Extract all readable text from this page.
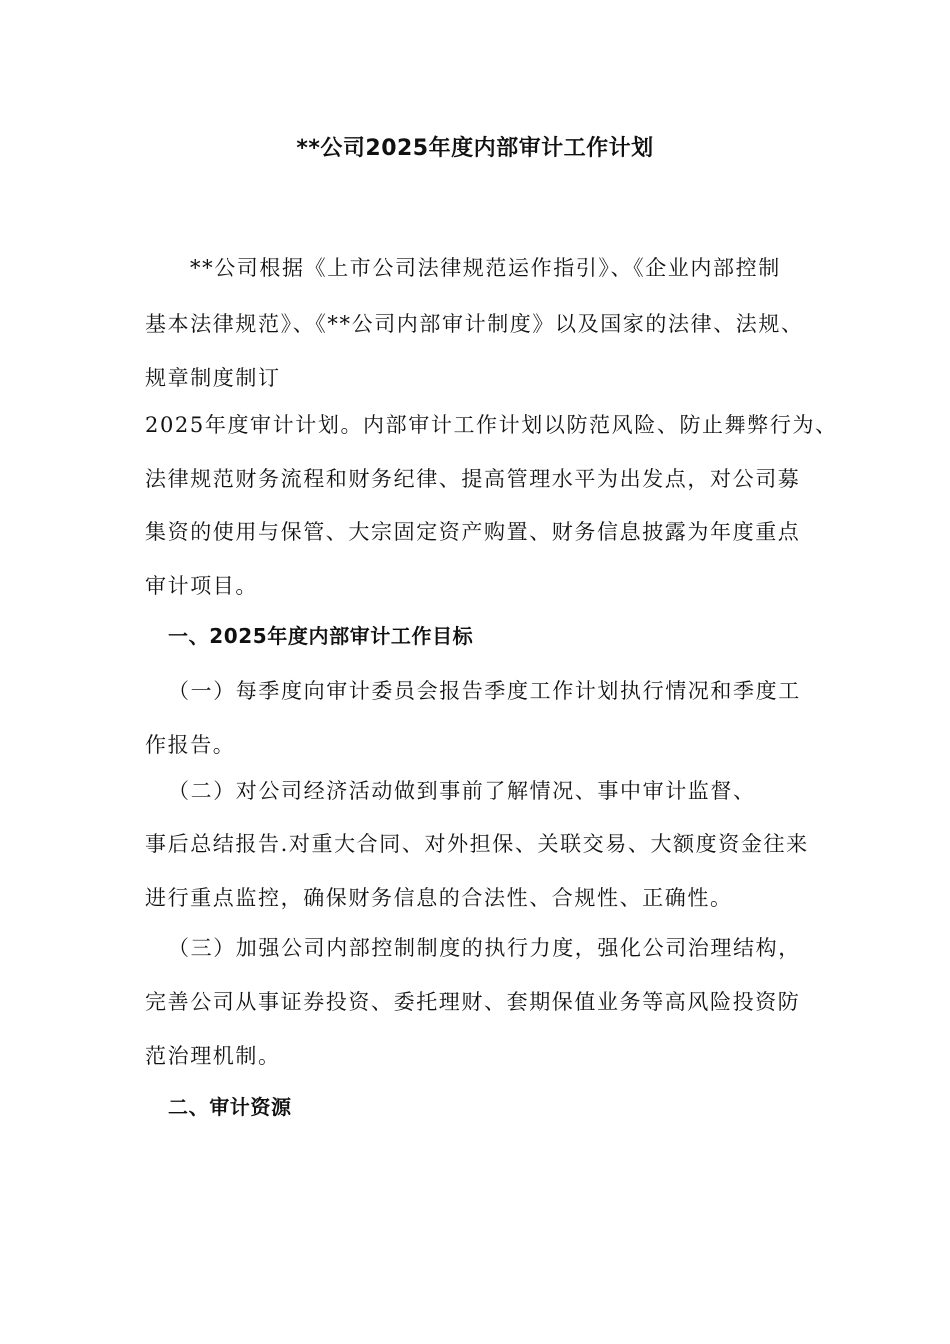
**公司2025年度内部审计工作计划
**公司根据《上市公司法律规范运作指引》、《企业内部控制
基本法律规范》、《**公司内部审计制度》以及国家的法律、法规、
规章制度制订
2025年度审计计划。内部审计工作计划以防范风险、防止舞弊行为、
法律规范财务流程和财务纪律、提高管理水平为出发点，对公司募
集资的使用与保管、大宗固定资产购置、财务信息披露为年度重点
审计项目。
一、2025年度内部审计工作目标
（一）每季度向审计委员会报告季度工作计划执行情况和季度工
作报告。
（二）对公司经济活动做到事前了解情况、事中审计监督、
事后总结报告.对重大合同、对外担保、关联交易、大额度资金往来
进行重点监控，确保财务信息的合法性、合规性、正确性。
（三）加强公司内部控制制度的执行力度，强化公司治理结构，
完善公司从事证券投资、委托理财、套期保值业务等高风险投资防
范治理机制。
二、审计资源
